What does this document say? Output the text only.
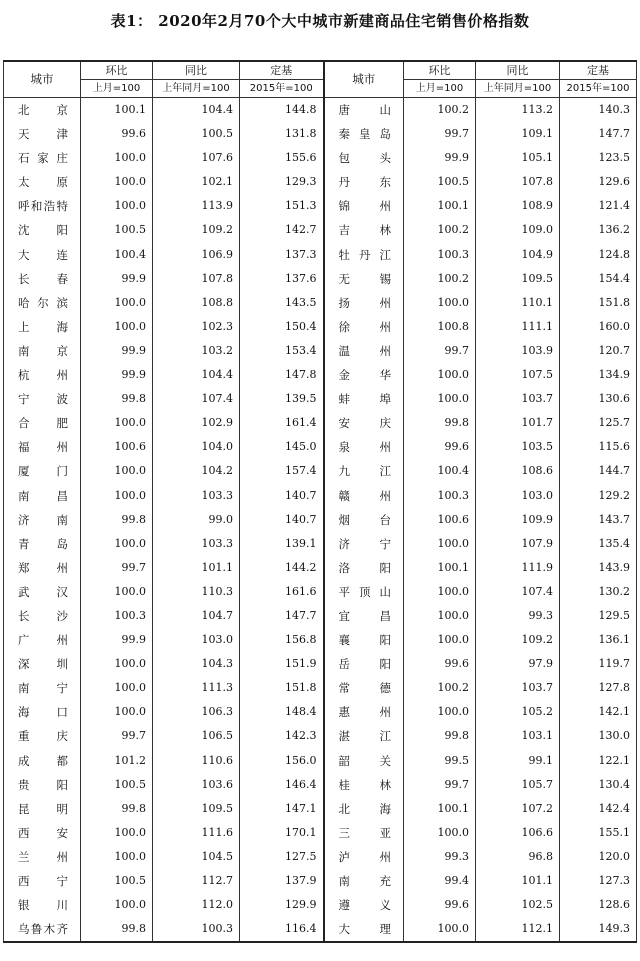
表1： 2020年2月70个大中城市新建商品住宅销售价格指数
城市	环比	同比	定基	城市	环比	同比	定基
	上月=100	上年同月=100	2015年=100		上月=100	上年同月=100	2015年=100
北京	100.1	104.4	144.8	唐山	100.2	113.2	140.3
天津	99.6	100.5	131.8	秦皇岛	99.7	109.1	147.7
石家庄	100.0	107.6	155.6	包头	99.9	105.1	123.5
太原	100.0	102.1	129.3	丹东	100.5	107.8	129.6
呼和浩特	100.0	113.9	151.3	锦州	100.1	108.9	121.4
沈阳	100.5	109.2	142.7	吉林	100.2	109.0	136.2
大连	100.4	106.9	137.3	牡丹江	100.3	104.9	124.8
长春	99.9	107.8	137.6	无锡	100.2	109.5	154.4
哈尔滨	100.0	108.8	143.5	扬州	100.0	110.1	151.8
上海	100.0	102.3	150.4	徐州	100.8	111.1	160.0
南京	99.9	103.2	153.4	温州	99.7	103.9	120.7
杭州	99.9	104.4	147.8	金华	100.0	107.5	134.9
宁波	99.8	107.4	139.5	蚌埠	100.0	103.7	130.6
合肥	100.0	102.9	161.4	安庆	99.8	101.7	125.7
福州	100.6	104.0	145.0	泉州	99.6	103.5	115.6
厦门	100.0	104.2	157.4	九江	100.4	108.6	144.7
南昌	100.0	103.3	140.7	赣州	100.3	103.0	129.2
济南	99.8	99.0	140.7	烟台	100.6	109.9	143.7
青岛	100.0	103.3	139.1	济宁	100.0	107.9	135.4
郑州	99.7	101.1	144.2	洛阳	100.1	111.9	143.9
武汉	100.0	110.3	161.6	平顶山	100.0	107.4	130.2
长沙	100.3	104.7	147.7	宜昌	100.0	99.3	129.5
广州	99.9	103.0	156.8	襄阳	100.0	109.2	136.1
深圳	100.0	104.3	151.9	岳阳	99.6	97.9	119.7
南宁	100.0	111.3	151.8	常德	100.2	103.7	127.8
海口	100.0	106.3	148.4	惠州	100.0	105.2	142.1
重庆	99.7	106.5	142.3	湛江	99.8	103.1	130.0
成都	101.2	110.6	156.0	韶关	99.5	99.1	122.1
贵阳	100.5	103.6	146.4	桂林	99.7	105.7	130.4
昆明	99.8	109.5	147.1	北海	100.1	107.2	142.4
西安	100.0	111.6	170.1	三亚	100.0	106.6	155.1
兰州	100.0	104.5	127.5	泸州	99.3	96.8	120.0
西宁	100.5	112.7	137.9	南充	99.4	101.1	127.3
银川	100.0	112.0	129.9	遵义	99.6	102.5	128.6
乌鲁木齐	99.8	100.3	116.4	大理	100.0	112.1	149.3
